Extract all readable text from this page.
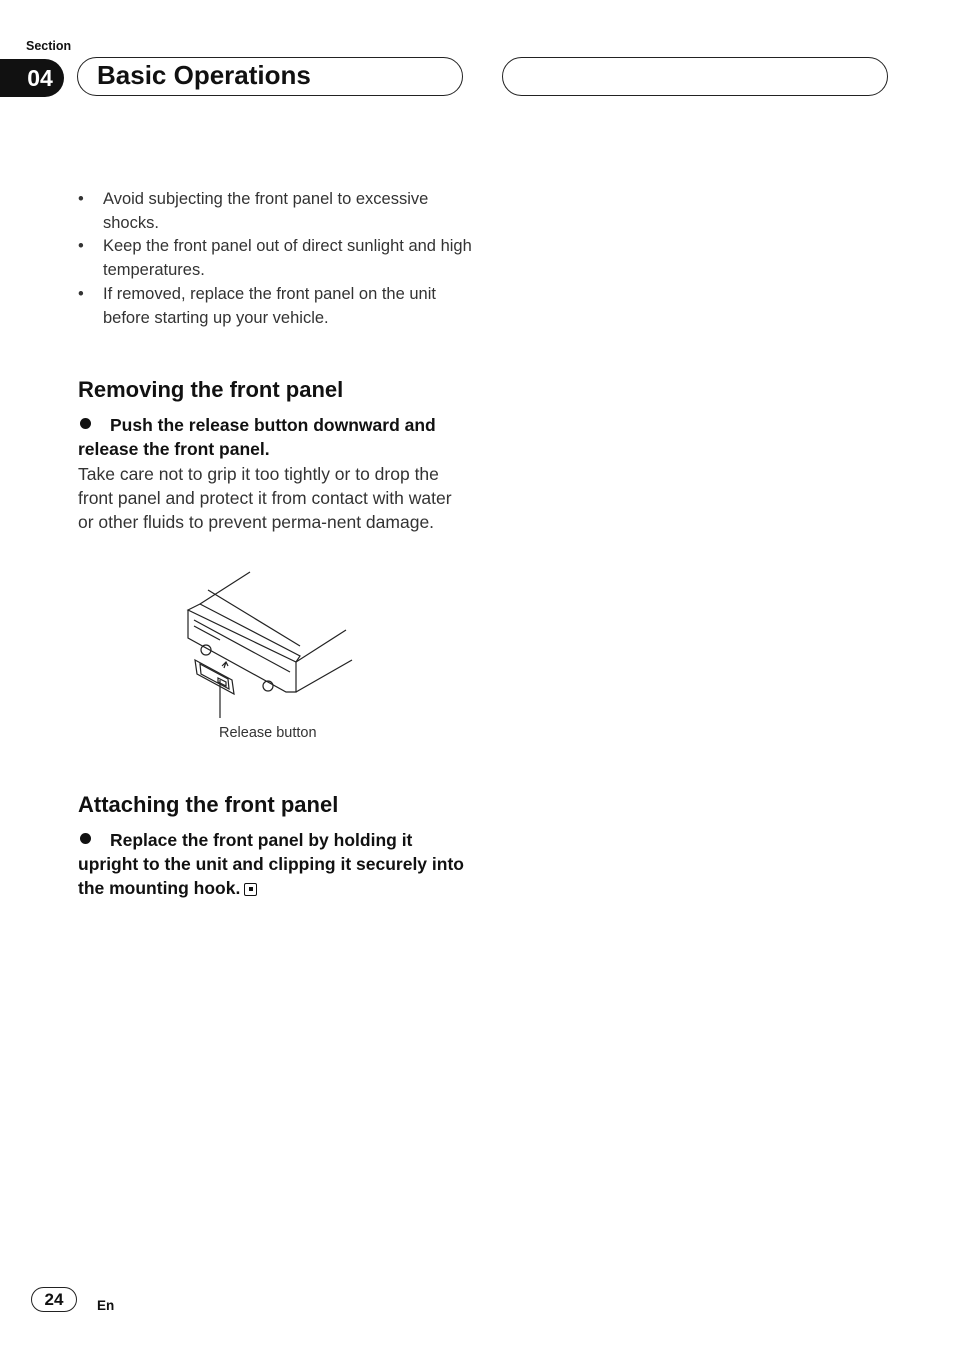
Section
04	Basic Operations
• Avoid subjecting the front panel to excessive shocks.
• Keep the front panel out of direct sunlight and high temperatures.
• If removed, replace the front panel on the unit before starting up your vehicle.
Removing the front panel
Push the release button downward and release the front panel.
Take care not to grip it too tightly or to drop the front panel and protect it from contact with water or other fluids to prevent perma-nent damage.
Release button
Attaching the front panel
Replace the front panel by holding it upright to the unit and clipping it securely into the mounting hook.
24	En
